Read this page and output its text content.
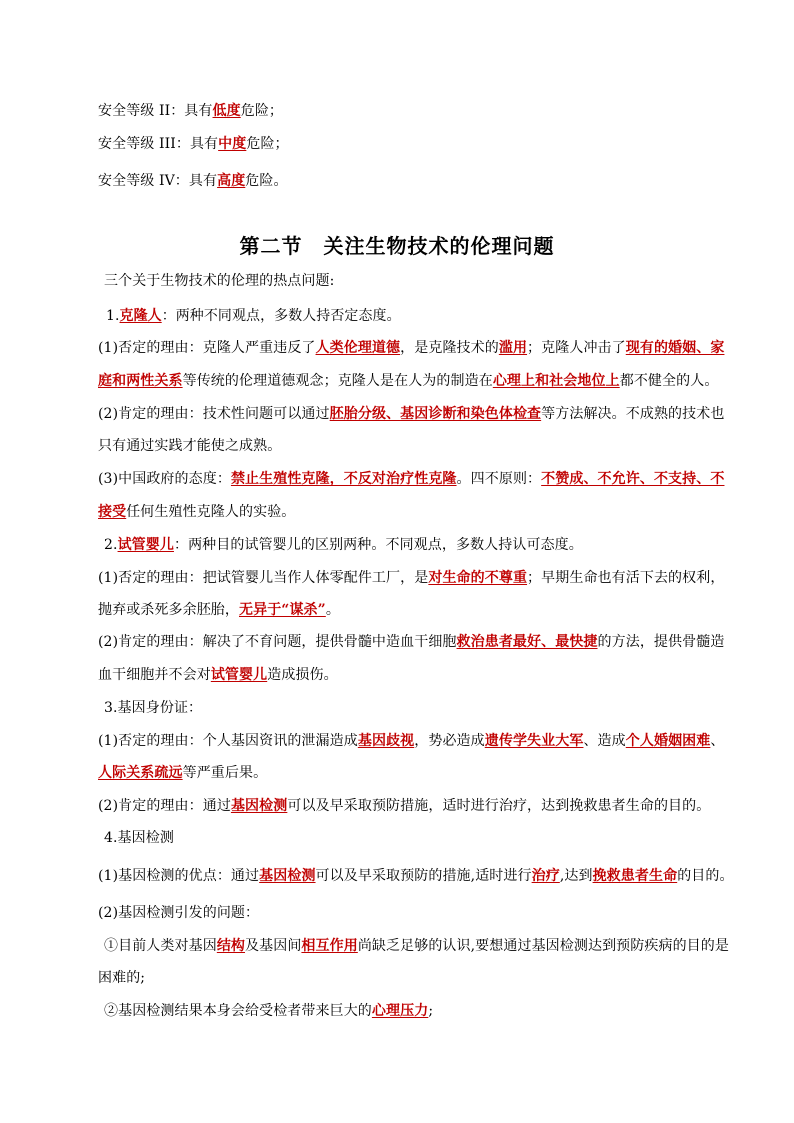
安全等级 II：具有低度危险；
安全等级 III：具有中度危险；
安全等级 IV：具有高度危险。
第二节　关注生物技术的伦理问题
三个关于生物技术的伦理的热点问题:
1.克隆人：两种不同观点，多数人持否定态度。
(1)否定的理由：克隆人严重违反了人类伦理道德，是克隆技术的滥用；克隆人冲击了现有的婚姻、家
庭和两性关系等传统的伦理道德观念；克隆人是在人为的制造在心理上和社会地位上都不健全的人。
(2)肯定的理由：技术性问题可以通过胚胎分级、基因诊断和染色体检查等方法解决。不成熟的技术也
只有通过实践才能使之成熟。
(3)中国政府的态度：禁止生殖性克隆，不反对治疗性克隆。四不原则：不赞成、不允许、不支持、不
接受任何生殖性克隆人的实验。
2.试管婴儿：两种目的试管婴儿的区别两种。不同观点，多数人持认可态度。
(1)否定的理由：把试管婴儿当作人体零配件工厂，是对生命的不尊重；早期生命也有活下去的权利，
抛弃或杀死多余胚胎，无异于“谋杀”。
(2)肯定的理由：解决了不育问题，提供骨髓中造血干细胞救治患者最好、最快捷的方法，提供骨髓造
血干细胞并不会对试管婴儿造成损伤。
3.基因身份证：
(1)否定的理由：个人基因资讯的泄漏造成基因歧视，势必造成遗传学失业大军、造成个人婚姻困难、
人际关系疏远等严重后果。
(2)肯定的理由：通过基因检测可以及早采取预防措施，适时进行治疗，达到挽救患者生命的目的。
4.基因检测
(1)基因检测的优点：通过基因检测可以及早采取预防的措施,适时进行治疗,达到挽救患者生命的目的。
(2)基因检测引发的问题：
①目前人类对基因结构及基因间相互作用尚缺乏足够的认识,要想通过基因检测达到预防疾病的目的是
困难的;
②基因检测结果本身会给受检者带来巨大的心理压力;
